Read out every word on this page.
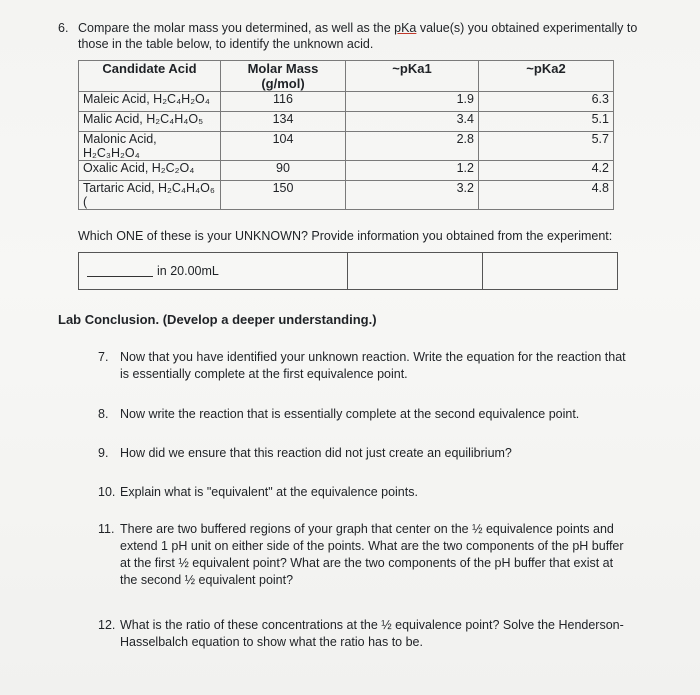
6. Compare the molar mass you determined, as well as the pKa value(s) you obtained experimentally to those in the table below, to identify the unknown acid.
Candidate Acid	Molar Mass (g/mol)	~pKa1	~pKa2
Maleic Acid, H₂C₄H₂O₄	116	1.9	6.3
Malic Acid, H₂C₄H₄O₅	134	3.4	5.1
Malonic Acid, H₂C₃H₂O₄	104	2.8	5.7
Oxalic Acid, H₂C₂O₄	90	1.2	4.2
Tartaric Acid, H₂C₄H₄O₆ (	150	3.2	4.8
Which ONE of these is your UNKNOWN? Provide information you obtained from the experiment:
in 20.00mL		
Lab Conclusion. (Develop a deeper understanding.)
7. Now that you have identified your unknown reaction. Write the equation for the reaction that is essentially complete at the first equivalence point.
8. Now write the reaction that is essentially complete at the second equivalence point.
9. How did we ensure that this reaction did not just create an equilibrium?
10. Explain what is "equivalent" at the equivalence points.
11. There are two buffered regions of your graph that center on the ½ equivalence points and extend 1 pH unit on either side of the points. What are the two components of the pH buffer at the first ½ equivalent point? What are the two components of the pH buffer that exist at the second ½ equivalent point?
12. What is the ratio of these concentrations at the ½ equivalence point? Solve the Henderson-Hasselbalch equation to show what the ratio has to be.
